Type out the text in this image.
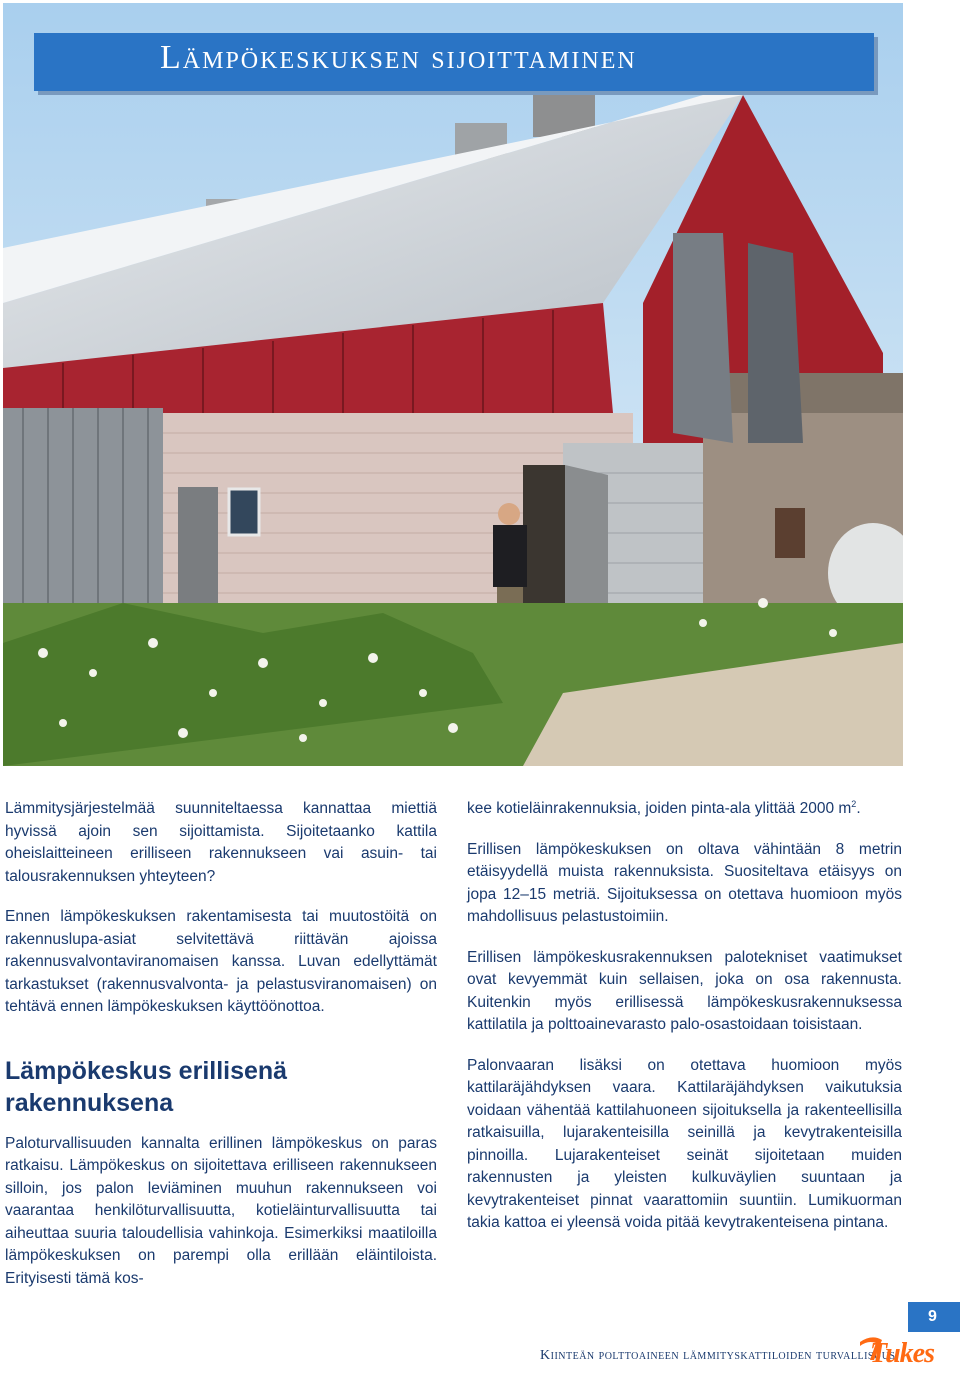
Lämpökeskuksen sijoittaminen

Lämmitysjärjestelmää suunniteltaessa kannattaa miettiä hyvissä ajoin sen sijoittamista. Sijoitetaanko kattila oheislaitteineen erilliseen rakennukseen vai asuin- tai talousrakennuksen yhteyteen?

Ennen lämpökeskuksen rakentamisesta tai muutostöitä on rakennuslupa-asiat selvitettävä riittävän ajoissa rakennusvalvontaviranomaisen kanssa. Luvan edellyttämät tarkastukset (rakennusvalvonta- ja pelastusviranomaisen) on tehtävä ennen lämpökeskuksen käyttöönottoa.

Lämpökeskus erillisenä rakennuksena

Paloturvallisuuden kannalta erillinen lämpökeskus on paras ratkaisu. Lämpökeskus on sijoitettava erilliseen rakennukseen silloin, jos palon leviäminen muuhun rakennukseen voi vaarantaa henkilöturvallisuutta, kotieläinturvallisuutta tai aiheuttaa suuria taloudellisia vahinkoja. Esimerkiksi maatiloilla lämpökeskuksen on parempi olla erillään eläintiloista. Erityisesti tämä kos-

kee kotieläinrakennuksia, joiden pinta-ala ylittää 2000 $m^2$.

Erillisen lämpökeskuksen on oltava vähintään 8 metrin etäisyydellä muista rakennuksista. Suositeltava etäisyys on jopa 12–15 metriä. Sijoituksessa on otettava huomioon myös mahdollisuus pelastustoimiin.

Erillisen lämpökeskusrakennuksen palotekniset vaatimukset ovat kevyemmät kuin sellaisen, joka on osa rakennusta. Kuitenkin myös erillisessä lämpökeskusrakennuksessa kattilatila ja polttoainevarasto palo-osastoidaan toisistaan.

Palonvaaran lisäksi on otettava huomioon myös kattilaräjähdyksen vaara. Kattilaräjähdyksen vaikutuksia voidaan vähentää kattilahuoneen sijoituksella ja rakenteellisilla ratkaisuilla, lujarakenteisilla seinillä ja kevytrakenteisilla pinnoilla. Lujarakenteiset seinät sijoitetaan muiden rakennusten ja yleisten kulkuväylien suuntaan ja kevytrakenteiset pinnat vaarattomiin suuntiin. Lumikuorman takia kattoa ei yleensä voida pitää kevytrakenteisena pintana.

9
Kiinteän polttoaineen lämmityskattiloiden turvallisuus
Tukes
